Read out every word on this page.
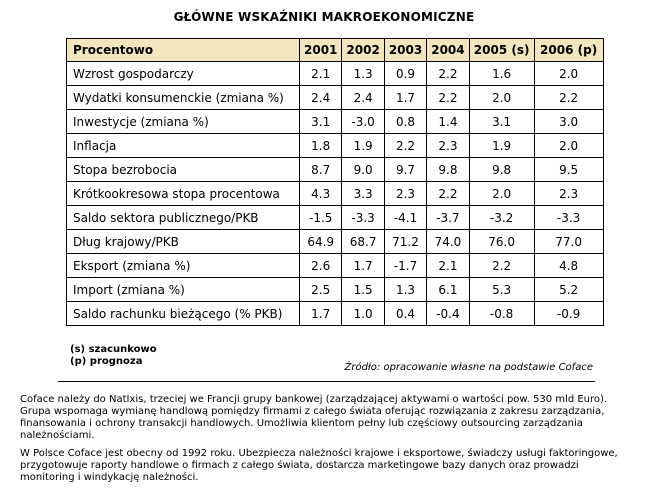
GŁÓWNE WSKAŹNIKI MAKROEKONOMICZNE
Procentowo	2001	2002	2003	2004	2005 (s)	2006 (p)
Wzrost gospodarczy	2.1	1.3	0.9	2.2	1.6	2.0
Wydatki konsumenckie (zmiana %)	2.4	2.4	1.7	2.2	2.0	2.2
Inwestycje (zmiana %)	3.1	-3.0	0.8	1.4	3.1	3.0
Inflacja	1.8	1.9	2.2	2.3	1.9	2.0
Stopa bezrobocia	8.7	9.0	9.7	9.8	9.8	9.5
Krótkookresowa stopa procentowa	4.3	3.3	2.3	2.2	2.0	2.3
Saldo sektora publicznego/PKB	-1.5	-3.3	-4.1	-3.7	-3.2	-3.3
Dług krajowy/PKB	64.9	68.7	71.2	74.0	76.0	77.0
Eksport (zmiana %)	2.6	1.7	-1.7	2.1	2.2	4.8
Import (zmiana %)	2.5	1.5	1.3	6.1	5.3	5.2
Saldo rachunku bieżącego (% PKB)	1.7	1.0	0.4	-0.4	-0.8	-0.9
(s) szacunkowo
(p) prognoza
Źródło: opracowanie własne na podstawie Coface

Coface należy do NatIxis, trzeciej we Francji grupy bankowej (zarządzającej aktywami o wartości pow. 530 mld Euro). Grupa wspomaga wymianę handlową pomiędzy firmami z całego świata oferując rozwiązania z zakresu zarządzania, finansowania i ochrony transakcji handlowych. Umożliwia klientom pełny lub częściowy outsourcing zarządzania należnościami.

W Polsce Coface jest obecny od 1992 roku. Ubezpiecza należności krajowe i eksportowe, świadczy usługi faktoringowe, przygotowuje raporty handlowe o firmach z całego świata, dostarcza marketingowe bazy danych oraz prowadzi monitoring i windykację należności.
